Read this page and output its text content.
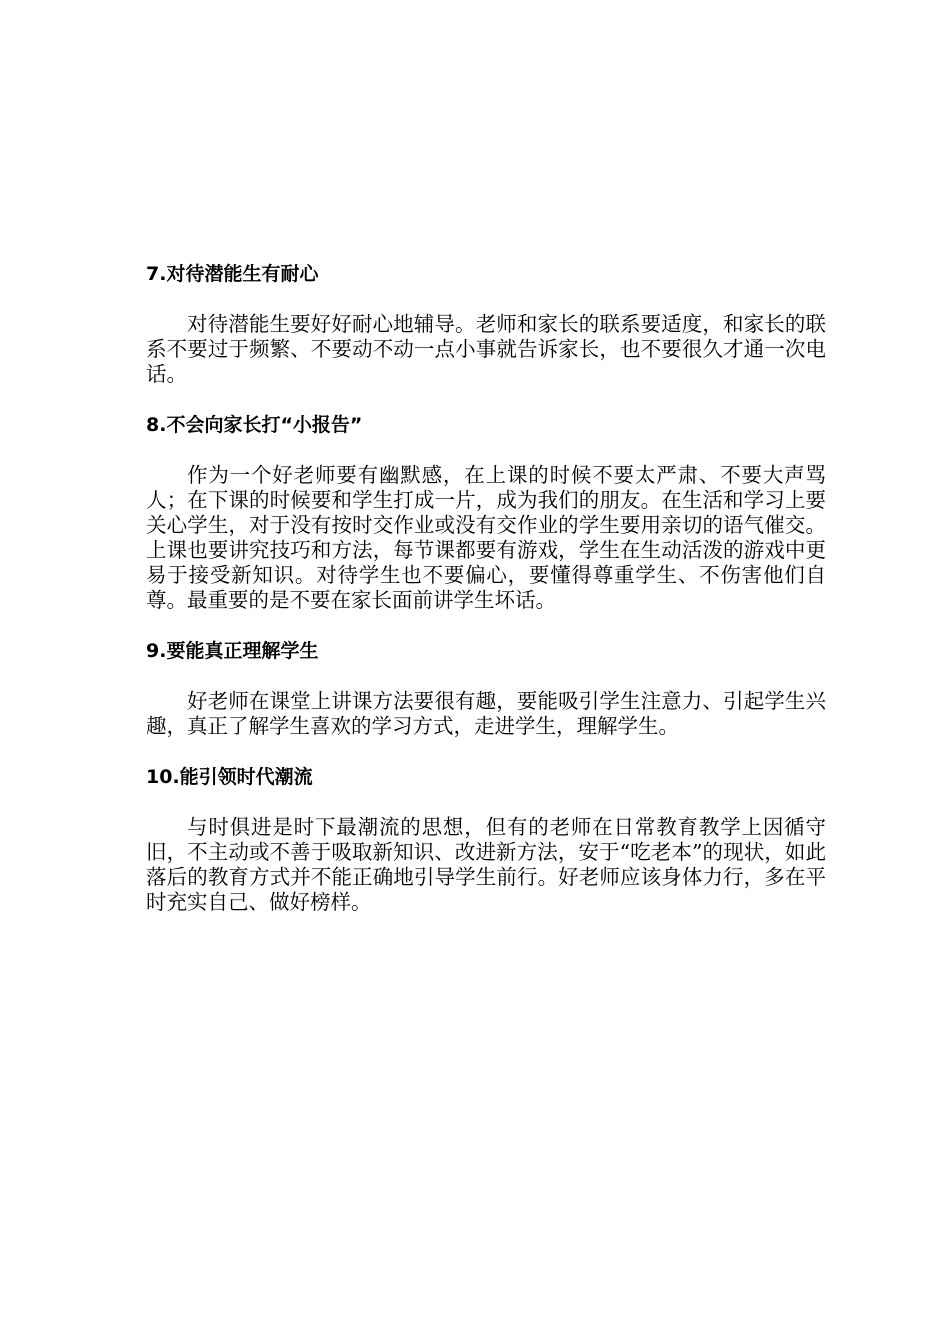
7.对待潜能生有耐心

对待潜能生要好好耐心地辅导。老师和家长的联系要适度，和家长的联系不要过于频繁、不要动不动一点小事就告诉家长，也不要很久才通一次电话。

8.不会向家长打“小报告”

作为一个好老师要有幽默感，在上课的时候不要太严肃、不要大声骂人；在下课的时候要和学生打成一片，成为我们的朋友。在生活和学习上要关心学生，对于没有按时交作业或没有交作业的学生要用亲切的语气催交。上课也要讲究技巧和方法，每节课都要有游戏，学生在生动活泼的游戏中更易于接受新知识。对待学生也不要偏心，要懂得尊重学生、不伤害他们自尊。最重要的是不要在家长面前讲学生坏话。

9.要能真正理解学生

好老师在课堂上讲课方法要很有趣，要能吸引学生注意力、引起学生兴趣，真正了解学生喜欢的学习方式，走进学生，理解学生。

10.能引领时代潮流

与时俱进是时下最潮流的思想，但有的老师在日常教育教学上因循守旧，不主动或不善于吸取新知识、改进新方法，安于“吃老本”的现状，如此落后的教育方式并不能正确地引导学生前行。好老师应该身体力行，多在平时充实自己、做好榜样。
